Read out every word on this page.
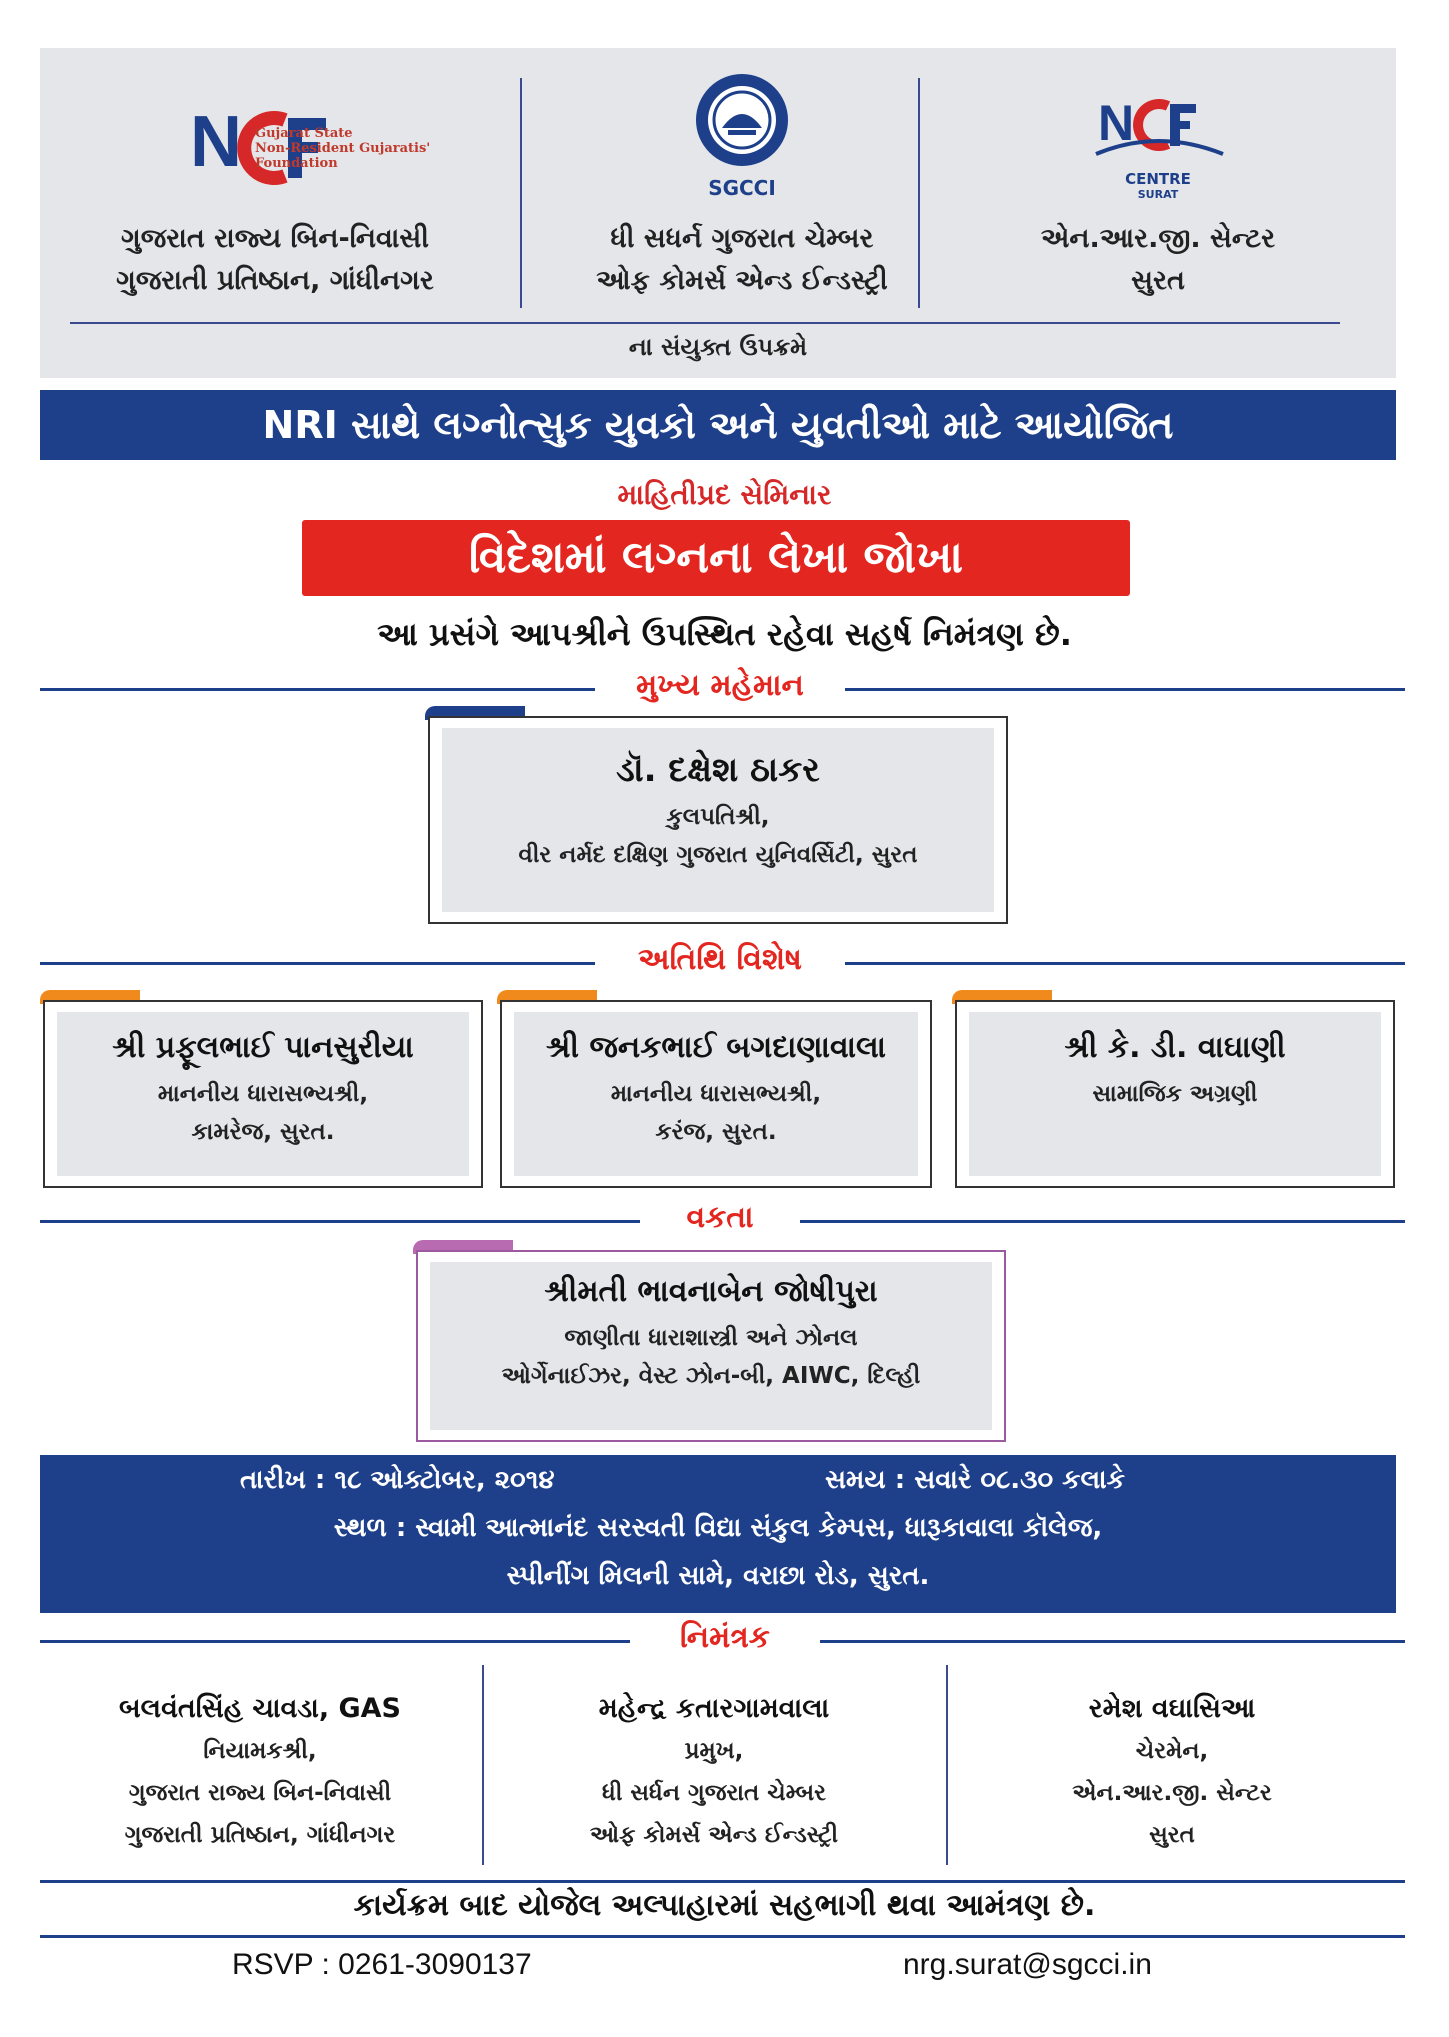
N Gujarat State
Non-Resident Gujaratis'
Foundation
ગુજરાત રાજ્ય બિન-નિવાસી
ગુજરાતી પ્રતિષ્ઠાન, ગાંધીનગર
SGCCI
ધી સધર્ન ગુજરાત ચેમ્બર
ઓફ કોમર્સ એન્ડ ઈન્ડસ્ટ્રી
N
CENTRE
SURAT
એન.આર.જી. સેન્ટર
સુરત
ના સંયુક્ત ઉપક્રમે
NRI સાથે લગ્નોત્સુક યુવકો અને યુવતીઓ માટે આયોજિત
માહિતીપ્રદ સેમિનાર
વિદેશમાં લગ્નના લેખા જોખા
આ પ્રસંગે આપશ્રીને ઉપસ્થિત રહેવા સહર્ષ નિમંત્રણ છે.
મુખ્ય મહેમાન
ડૉ. દક્ષેશ ઠાકર
કુલપતિશ્રી,
વીર નર્મદ દક્ષિણ ગુજરાત યુનિવર્સિટી, સુરત
અતિથિ વિશેષ
શ્રી પ્રફૂલભાઈ પાનસુરીયા
માનનીય ધારાસભ્યશ્રી,
કામરેજ, સુરત.
શ્રી જનકભાઈ બગદાણાવાલા
માનનીય ધારાસભ્યશ્રી,
કરંજ, સુરત.
શ્રી કે. ડી. વાઘાણી
સામાજિક અગ્રણી
વકતા
શ્રીમતી ભાવનાબેન જોષીપુરા
જાણીતા ધારાશાસ્ત્રી અને ઝોનલ
ઓર્ગેનાઈઝર, વેસ્ટ ઝોન-બી, AIWC, દિલ્હી
તારીખ : ૧૮ ઓક્ટોબર, ૨૦૧૪	સમય : સવારે ૦૮.૩૦ કલાકે
સ્થળ : સ્વામી આત્માનંદ સરસ્વતી વિદ્યા સંકુલ કેમ્પસ, ધારૂકાવાલા કૉલેજ,
સ્પીનીંગ મિલની સામે, વરાછા રોડ, સુરત.
નિમંત્રક
બલવંતસિંહ ચાવડા, GAS
નિયામકશ્રી,
ગુજરાત રાજ્ય બિન-નિવાસી
ગુજરાતી પ્રતિષ્ઠાન, ગાંધીનગર
મહેન્દ્ર કતારગામવાલા
પ્રમુખ,
ધી સર્ધન ગુજરાત ચેમ્બર
ઓફ કોમર્સ એન્ડ ઈન્ડસ્ટ્રી
રમેશ વઘાસિઆ
ચેરમેન,
એન.આર.જી. સેન્ટર
સુરત
કાર્યક્રમ બાદ યોજેલ અલ્પાહારમાં સહભાગી થવા આમંત્રણ છે.
RSVP : 0261-3090137	nrg.surat@sgcci.in
